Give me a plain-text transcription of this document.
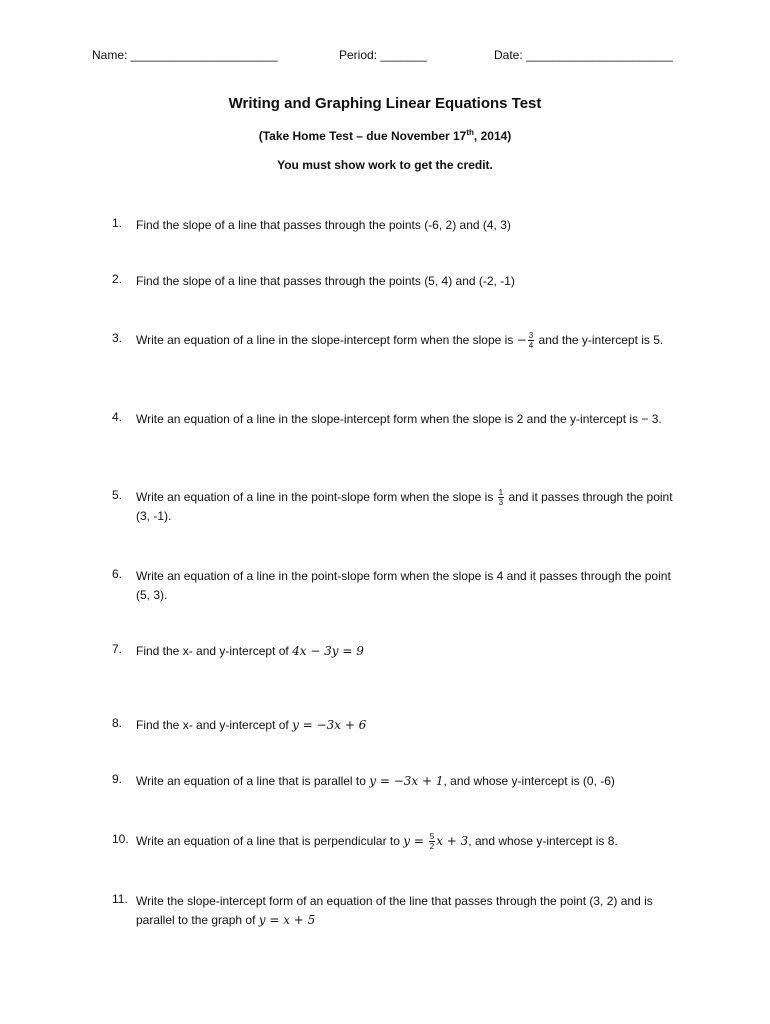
Name: ______________________	Period: _______	Date: ______________________
Writing and Graphing Linear Equations Test
(Take Home Test – due November 17th, 2014)
You must show work to get the credit.
1.	Find the slope of a line that passes through the points (-6, 2) and (4, 3)
2.	Find the slope of a line that passes through the points (5, 4) and (-2, -1)
3.	Write an equation of a line in the slope-intercept form when the slope is − $\frac{3}{4}$ and the y-intercept is 5.
4.	Write an equation of a line in the slope-intercept form when the slope is 2 and the y-intercept is − 3.
5.	Write an equation of a line in the point-slope form when the slope is $\frac{1}{3}$ and it passes through the point (3, -1).
6.	Write an equation of a line in the point-slope form when the slope is 4 and it passes through the point (5, 3).
7.	Find the x- and y-intercept of 4x − 3y = 9
8.	Find the x- and y-intercept of y = −3x + 6
9.	Write an equation of a line that is parallel to y = −3x + 1, and whose y-intercept is (0, -6)
10. Write an equation of a line that is perpendicular to $y = \frac{5}{2}$ x + 3, and whose y-intercept is 8.
11. Write the slope-intercept form of an equation of the line that passes through the point (3, 2) and is parallel to the graph of y = x + 5
